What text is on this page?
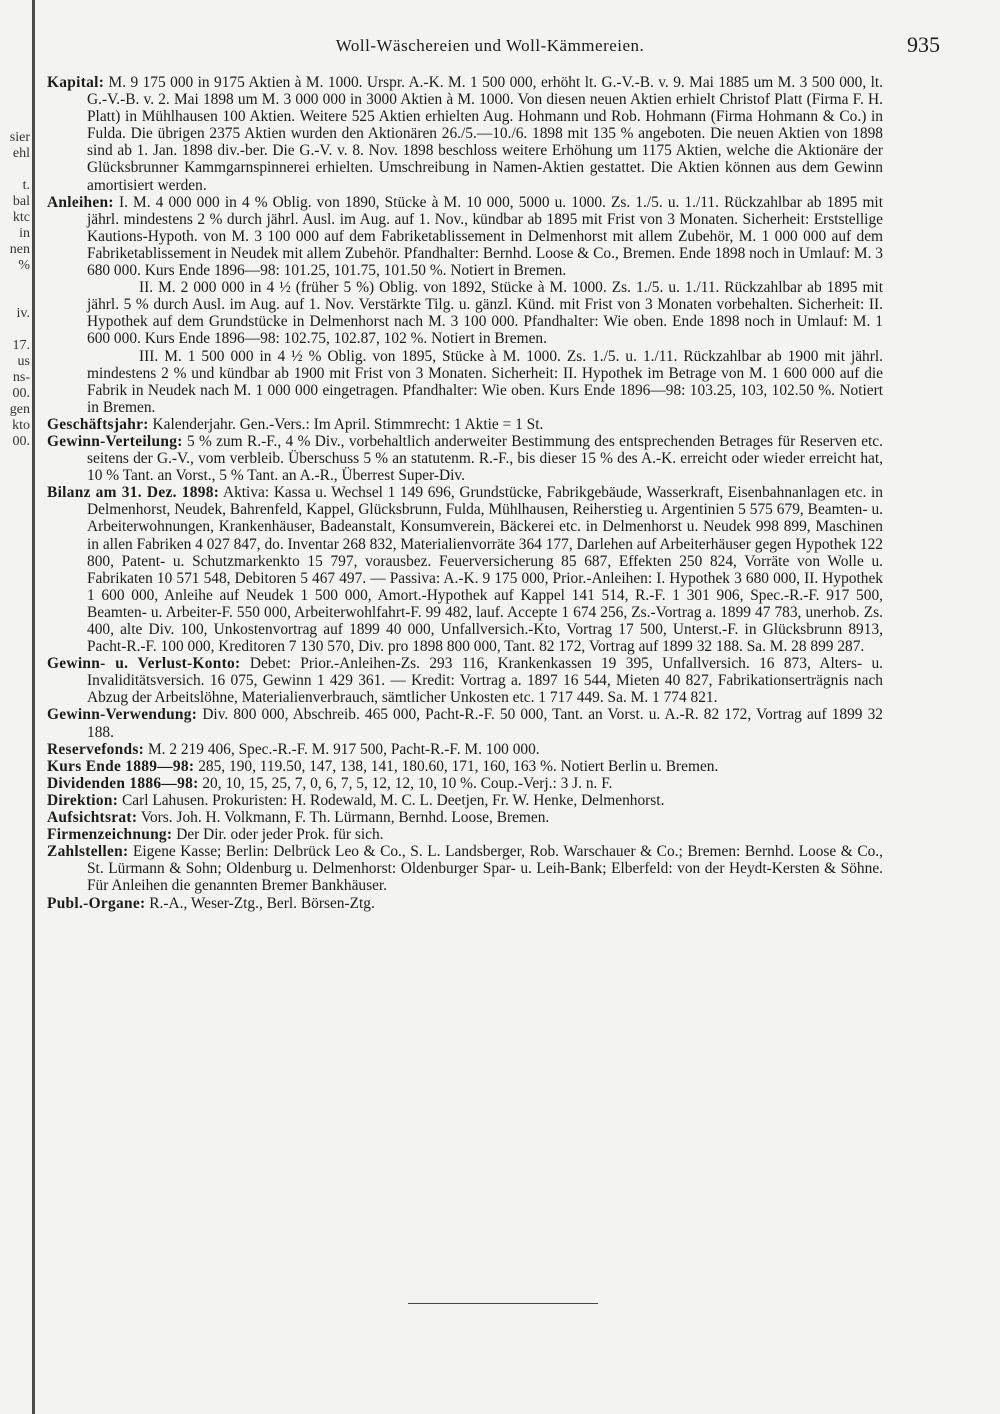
sier
ehl

t.
bal
ktc
in
nen
%

iv.

17.
us
ns-
00.
gen
kto
00.
Woll-Wäschereien und Woll-Kämmereien.	935

Kapital: M. 9 175 000 in 9175 Aktien à M. 1000. Urspr. A.-K. M. 1 500 000, erhöht lt. G.-V.-B. v. 9. Mai 1885 um M. 3 500 000, lt. G.-V.-B. v. 2. Mai 1898 um M. 3 000 000 in 3000 Aktien à M. 1000. Von diesen neuen Aktien erhielt Christof Platt (Firma F. H. Platt) in Mühlhausen 100 Aktien. Weitere 525 Aktien erhielten Aug. Hohmann und Rob. Hohmann (Firma Hohmann & Co.) in Fulda. Die übrigen 2375 Aktien wurden den Aktionären 26./5.—10./6. 1898 mit 135 % angeboten. Die neuen Aktien von 1898 sind ab 1. Jan. 1898 div.-ber. Die G.-V. v. 8. Nov. 1898 beschloss weitere Erhöhung um 1175 Aktien, welche die Aktionäre der Glücksbrunner Kammgarnspinnerei erhielten. Umschreibung in Namen-Aktien gestattet. Die Aktien können aus dem Gewinn amortisiert werden.

Anleihen: I. M. 4 000 000 in 4 % Oblig. von 1890, Stücke à M. 10 000, 5000 u. 1000. Zs. 1./5. u. 1./11. Rückzahlbar ab 1895 mit jährl. mindestens 2 % durch jährl. Ausl. im Aug. auf 1. Nov., kündbar ab 1895 mit Frist von 3 Monaten. Sicherheit: Erststellige Kautions-Hypoth. von M. 3 100 000 auf dem Fabriketablissement in Delmenhorst mit allem Zubehör, M. 1 000 000 auf dem Fabriketablissement in Neudek mit allem Zubehör. Pfandhalter: Bernhd. Loose & Co., Bremen. Ende 1898 noch in Umlauf: M. 3 680 000. Kurs Ende 1896—98: 101.25, 101.75, 101.50 %. Notiert in Bremen.

II. M. 2 000 000 in 4 ½ (früher 5 %) Oblig. von 1892, Stücke à M. 1000. Zs. 1./5. u. 1./11. Rückzahlbar ab 1895 mit jährl. 5 % durch Ausl. im Aug. auf 1. Nov. Verstärkte Tilg. u. gänzl. Künd. mit Frist von 3 Monaten vorbehalten. Sicherheit: II. Hypothek auf dem Grundstücke in Delmenhorst nach M. 3 100 000. Pfandhalter: Wie oben. Ende 1898 noch in Umlauf: M. 1 600 000. Kurs Ende 1896—98: 102.75, 102.87, 102 %. Notiert in Bremen.

III. M. 1 500 000 in 4 ½ % Oblig. von 1895, Stücke à M. 1000. Zs. 1./5. u. 1./11. Rückzahlbar ab 1900 mit jährl. mindestens 2 % und kündbar ab 1900 mit Frist von 3 Monaten. Sicherheit: II. Hypothek im Betrage von M. 1 600 000 auf die Fabrik in Neudek nach M. 1 000 000 eingetragen. Pfandhalter: Wie oben. Kurs Ende 1896—98: 103.25, 103, 102.50 %. Notiert in Bremen.

Geschäftsjahr: Kalenderjahr. Gen.-Vers.: Im April. Stimmrecht: 1 Aktie = 1 St.

Gewinn-Verteilung: 5 % zum R.-F., 4 % Div., vorbehaltlich anderweiter Bestimmung des entsprechenden Betrages für Reserven etc. seitens der G.-V., vom verbleib. Überschuss 5 % an statutenm. R.-F., bis dieser 15 % des A.-K. erreicht oder wieder erreicht hat, 10 % Tant. an Vorst., 5 % Tant. an A.-R., Überrest Super-Div.

Bilanz am 31. Dez. 1898: Aktiva: Kassa u. Wechsel 1 149 696, Grundstücke, Fabrikgebäude, Wasserkraft, Eisenbahnanlagen etc. in Delmenhorst, Neudek, Bahrenfeld, Kappel, Glücksbrunn, Fulda, Mühlhausen, Reiherstieg u. Argentinien 5 575 679, Beamten- u. Arbeiterwohnungen, Krankenhäuser, Badeanstalt, Konsumverein, Bäckerei etc. in Delmenhorst u. Neudek 998 899, Maschinen in allen Fabriken 4 027 847, do. Inventar 268 832, Materialienvorräte 364 177, Darlehen auf Arbeiterhäuser gegen Hypothek 122 800, Patent- u. Schutzmarkenkto 15 797, vorausbez. Feuerversicherung 85 687, Effekten 250 824, Vorräte von Wolle u. Fabrikaten 10 571 548, Debitoren 5 467 497. — Passiva: A.-K. 9 175 000, Prior.-Anleihen: I. Hypothek 3 680 000, II. Hypothek 1 600 000, Anleihe auf Neudek 1 500 000, Amort.-Hypothek auf Kappel 141 514, R.-F. 1 301 906, Spec.-R.-F. 917 500, Beamten- u. Arbeiter-F. 550 000, Arbeiterwohlfahrt-F. 99 482, lauf. Accepte 1 674 256, Zs.-Vortrag a. 1899 47 783, unerhob. Zs. 400, alte Div. 100, Unkostenvortrag auf 1899 40 000, Unfallversich.-Kto, Vortrag 17 500, Unterst.-F. in Glücksbrunn 8913, Pacht-R.-F. 100 000, Kreditoren 7 130 570, Div. pro 1898 800 000, Tant. 82 172, Vortrag auf 1899 32 188. Sa. M. 28 899 287.

Gewinn- u. Verlust-Konto: Debet: Prior.-Anleihen-Zs. 293 116, Krankenkassen 19 395, Unfallversich. 16 873, Alters- u. Invaliditätsversich. 16 075, Gewinn 1 429 361. — Kredit: Vortrag a. 1897 16 544, Mieten 40 827, Fabrikationserträgnis nach Abzug der Arbeitslöhne, Materialienverbrauch, sämtlicher Unkosten etc. 1 717 449. Sa. M. 1 774 821.

Gewinn-Verwendung: Div. 800 000, Abschreib. 465 000, Pacht-R.-F. 50 000, Tant. an Vorst. u. A.-R. 82 172, Vortrag auf 1899 32 188.

Reservefonds: M. 2 219 406, Spec.-R.-F. M. 917 500, Pacht-R.-F. M. 100 000.

Kurs Ende 1889—98: 285, 190, 119.50, 147, 138, 141, 180.60, 171, 160, 163 %. Notiert Berlin u. Bremen.

Dividenden 1886—98: 20, 10, 15, 25, 7, 0, 6, 7, 5, 12, 12, 10, 10 %. Coup.-Verj.: 3 J. n. F.

Direktion: Carl Lahusen. Prokuristen: H. Rodewald, M. C. L. Deetjen, Fr. W. Henke, Delmenhorst.

Aufsichtsrat: Vors. Joh. H. Volkmann, F. Th. Lürmann, Bernhd. Loose, Bremen.

Firmenzeichnung: Der Dir. oder jeder Prok. für sich.

Zahlstellen: Eigene Kasse; Berlin: Delbrück Leo & Co., S. L. Landsberger, Rob. Warschauer & Co.; Bremen: Bernhd. Loose & Co., St. Lürmann & Sohn; Oldenburg u. Delmenhorst: Oldenburger Spar- u. Leih-Bank; Elberfeld: von der Heydt-Kersten & Söhne. Für Anleihen die genannten Bremer Bankhäuser.

Publ.-Organe: R.-A., Weser-Ztg., Berl. Börsen-Ztg.
